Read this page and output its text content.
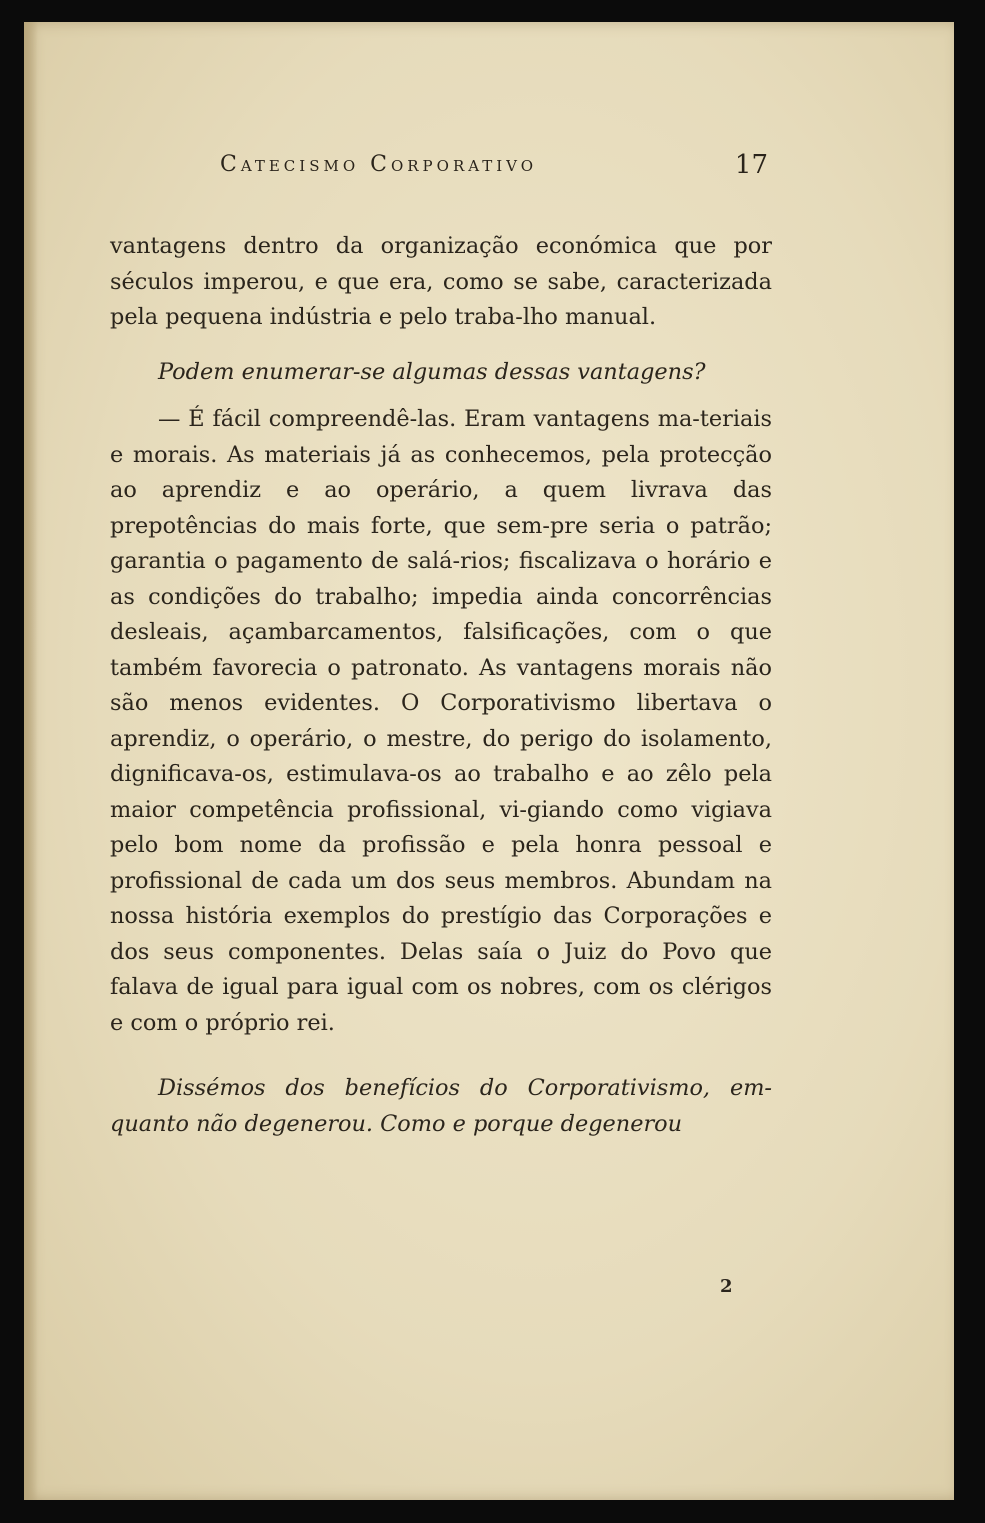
Catecismo Corporativo	17

vantagens dentro da organização económica que por séculos imperou, e que era, como se sabe, caracterizada pela pequena indústria e pelo traba-lho manual.

Podem enumerar-se algumas dessas vantagens?

— É fácil compreendê-las. Eram vantagens ma-teriais e morais. As materiais já as conhecemos, pela protecção ao aprendiz e ao operário, a quem livrava das prepotências do mais forte, que sem-pre seria o patrão; garantia o pagamento de salá-rios; fiscalizava o horário e as condições do trabalho; impedia ainda concorrências desleais, açambarcamentos, falsificações, com o que também favorecia o patronato. As vantagens morais não são menos evidentes. O Corporativismo libertava o aprendiz, o operário, o mestre, do perigo do isolamento, dignificava-os, estimulava-os ao trabalho e ao zêlo pela maior competência profissional, vi-giando como vigiava pelo bom nome da profissão e pela honra pessoal e profissional de cada um dos seus membros. Abundam na nossa história exemplos do prestígio das Corporações e dos seus componentes. Delas saía o Juiz do Povo que falava de igual para igual com os nobres, com os clérigos e com o próprio rei.

Dissémos dos benefícios do Corporativismo, em-quanto não degenerou. Como e porque degenerou

2
